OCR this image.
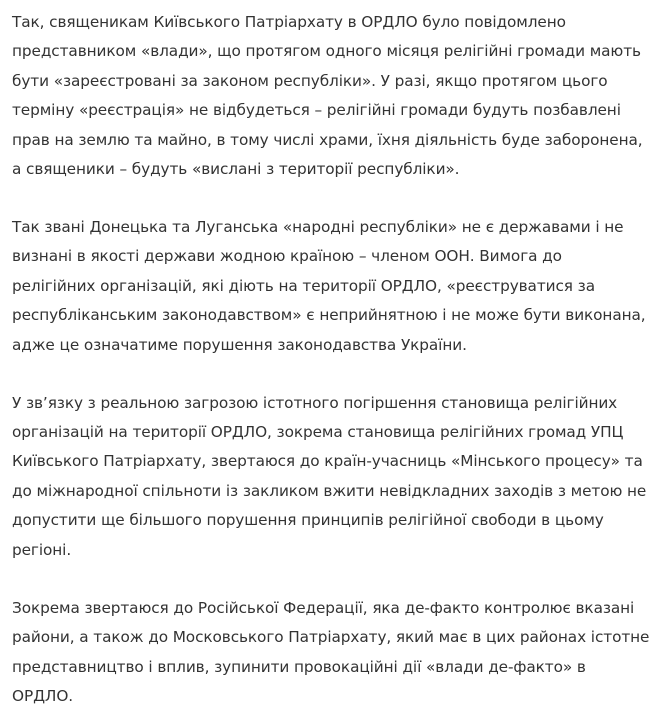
Так, священикам Київського Патріархату в ОРДЛО було повідомлено представником «влади», що протягом одного місяця релігійні громади мають бути «зареєстровані за законом республіки». У разі, якщо протягом цього терміну «реєстрація» не відбудеться – релігійні громади будуть позбавлені прав на землю та майно, в тому числі храми, їхня діяльність буде заборонена, а священики – будуть «вислані з території республіки».

Так звані Донецька та Луганська «народні республіки» не є державами і не визнані в якості держави жодною країною – членом ООН. Вимога до релігійних організацій, які діють на території ОРДЛО, «реєструватися за республіканським законодавством» є неприйнятною і не може бути виконана, адже це означатиме порушення законодавства України.

У зв’язку з реальною загрозою істотного погіршення становища релігійних організацій на території ОРДЛО, зокрема становища релігійних громад УПЦ Київського Патріархату, звертаюся до країн-учасниць «Мінського процесу» та до міжнародної спільноти із закликом вжити невідкладних заходів з метою не допустити ще більшого порушення принципів релігійної свободи в цьому регіоні.

Зокрема звертаюся до Російської Федерації, яка де-факто контролює вказані райони, а також до Московського Патріархату, який має в цих районах істотне представництво і вплив, зупинити провокаційні дії «влади де-факто» в ОРДЛО.
